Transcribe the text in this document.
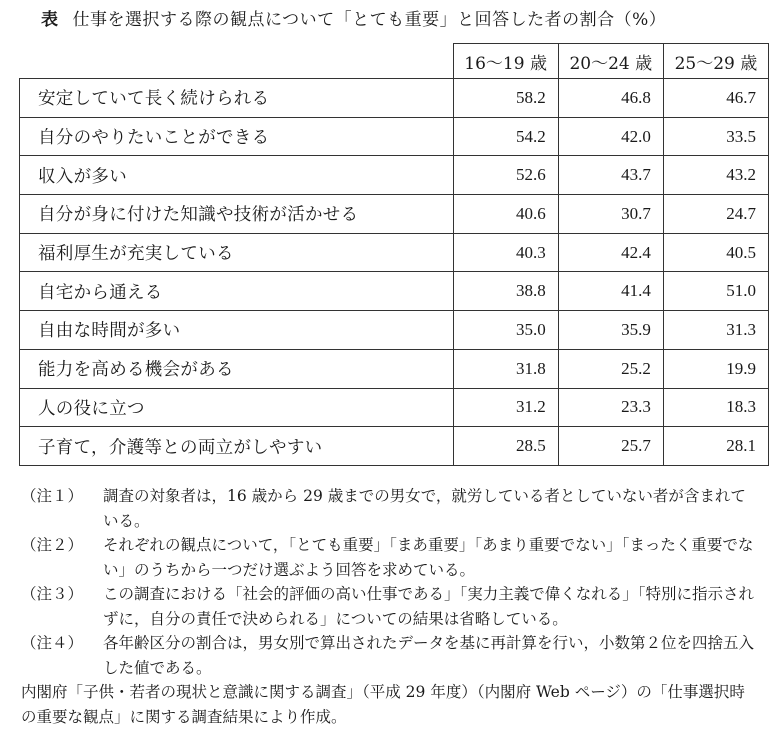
表 仕事を選択する際の観点について「とても重要」と回答した者の割合（%）
	16～19 歳	20～24 歳	25～29 歳
安定していて長く続けられる	58.2	46.8	46.7
自分のやりたいことができる	54.2	42.0	33.5
収入が多い	52.6	43.7	43.2
自分が身に付けた知識や技術が活かせる	40.6	30.7	24.7
福利厚生が充実している	40.3	42.4	40.5
自宅から通える	38.8	41.4	51.0
自由な時間が多い	35.0	35.9	31.3
能力を高める機会がある	31.8	25.2	19.9
人の役に立つ	31.2	23.3	18.3
子育て，介護等との両立がしやすい	28.5	25.7	28.1
（注１）	調査の対象者は，16 歳から 29 歳までの男女で，就労している者としていない者が含まれている。
（注２）	それぞれの観点について，「とても重要」「まあ重要」「あまり重要でない」「まったく重要でない」のうちから一つだけ選ぶよう回答を求めている。
（注３）	この調査における「社会的評価の高い仕事である」「実力主義で偉くなれる」「特別に指示されずに，自分の責任で決められる」についての結果は省略している。
（注４）	各年齢区分の割合は，男女別で算出されたデータを基に再計算を行い，小数第２位を四捨五入した値である。
内閣府「子供・若者の現状と意識に関する調査」（平成 29 年度）（内閣府 Web ページ）の「仕事選択時の重要な観点」に関する調査結果により作成。
